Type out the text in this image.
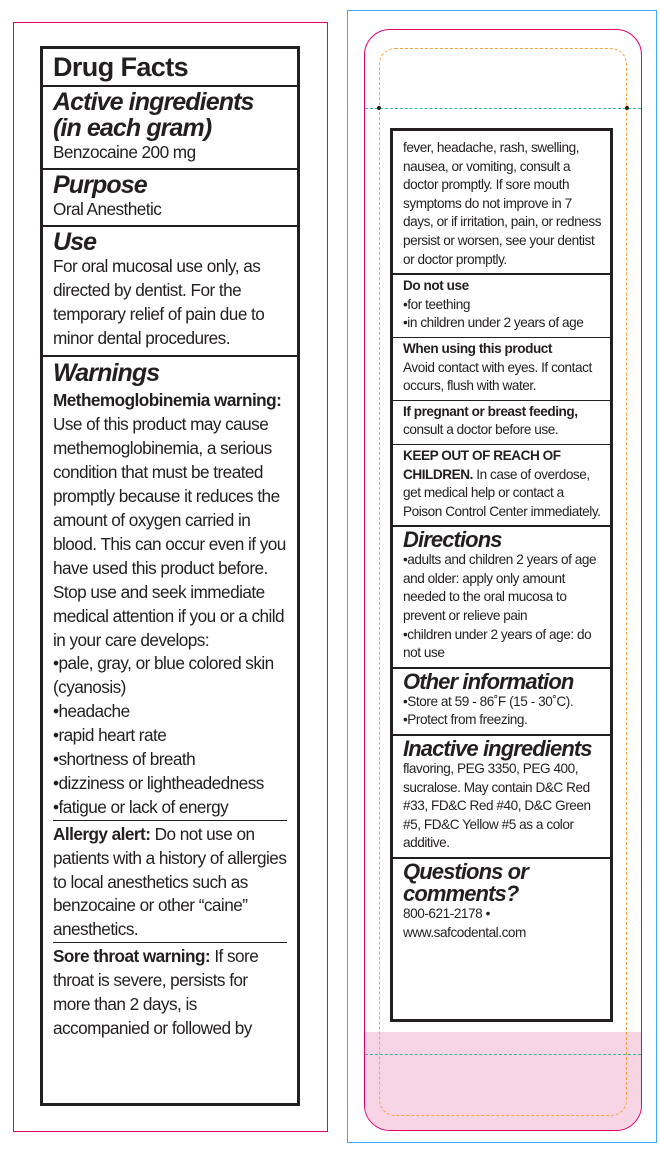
Drug Facts

Active ingredients (in each gram)

Benzocaine 200 mg

Purpose

Oral Anesthetic

Use

For oral mucosal use only, as directed by dentist. For the temporary relief of pain due to minor dental procedures.

Warnings

Methemoglobinemia warning: Use of this product may cause methemoglobinemia, a serious condition that must be treated promptly because it reduces the amount of oxygen carried in blood. This can occur even if you have used this product before. Stop use and seek immediate medical attention if you or a child in your care develops:

•pale, gray, or blue colored skin (cyanosis)

•headache

•rapid heart rate

•shortness of breath

•dizziness or lightheadedness

•fatigue or lack of energy

Allergy alert: Do not use on patients with a history of allergies to local anesthetics such as benzocaine or other “caine” anesthetics.

Sore throat warning: If sore throat is severe, persists for more than 2 days, is accompanied or followed by

fever, headache, rash, swelling, nausea, or vomiting, consult a doctor promptly. If sore mouth symptoms do not improve in 7 days, or if irritation, pain, or redness persist or worsen, see your dentist or doctor promptly.

Do not use

•for teething

•in children under 2 years of age

When using this product

Avoid contact with eyes. If contact occurs, flush with water.

If pregnant or breast feeding,

consult a doctor before use.

KEEP OUT OF REACH OF CHILDREN. In case of overdose, get medical help or contact a Poison Control Center immediately.

Directions

•adults and children 2 years of age and older: apply only amount needed to the oral mucosa to prevent or relieve pain

•children under 2 years of age: do not use

Other information

•Store at 59 - 86˚F (15 - 30˚C).

•Protect from freezing.

Inactive ingredients

flavoring, PEG 3350, PEG 400, sucralose. May contain D&C Red #33, FD&C Red #40, D&C Green #5, FD&C Yellow #5 as a color additive.

Questions or comments?

800-621-2178 •

www.safcodental.com
